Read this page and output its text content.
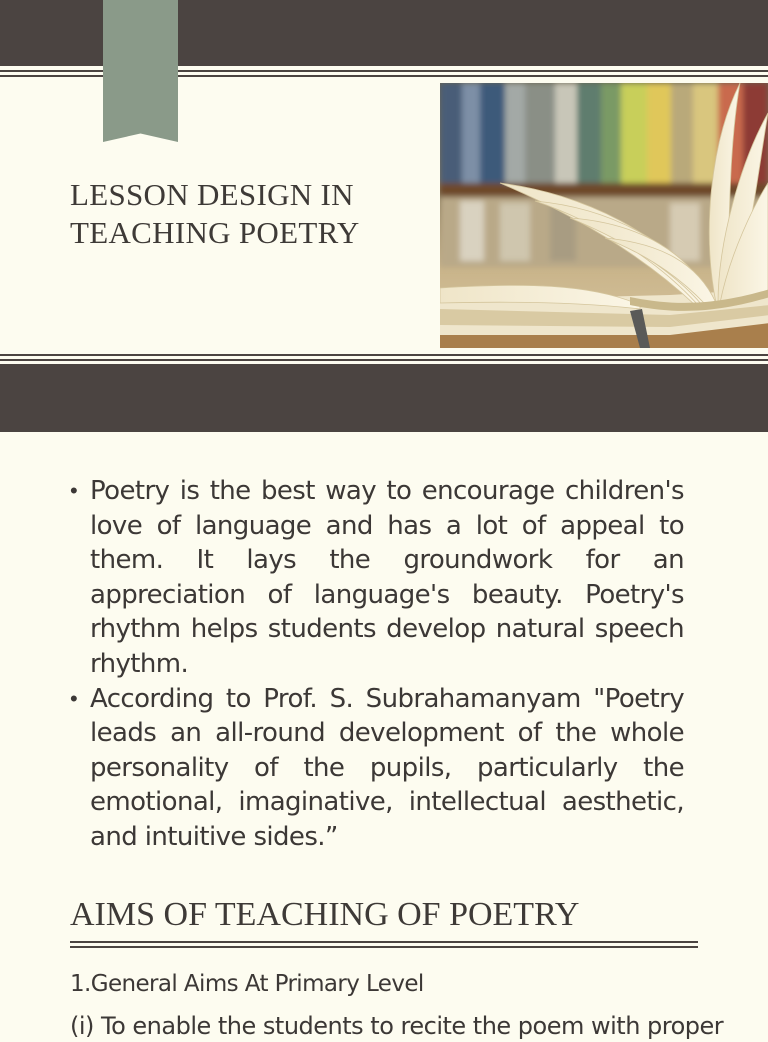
LESSON DESIGN IN
TEACHING POETRY
• Poetry is the best way to encourage children's love of language and has a lot of appeal to them. It lays the groundwork for an appreciation of language's beauty. Poetry's rhythm helps students develop natural speech rhythm.
• According to Prof. S. Subrahamanyam "Poetry leads an all-round development of the whole personality of the pupils, particularly the emotional, imaginative, intellectual aesthetic, and intuitive sides.”
AIMS OF TEACHING OF POETRY
1.General Aims At Primary Level
(i) To enable the students to recite the poem with proper
